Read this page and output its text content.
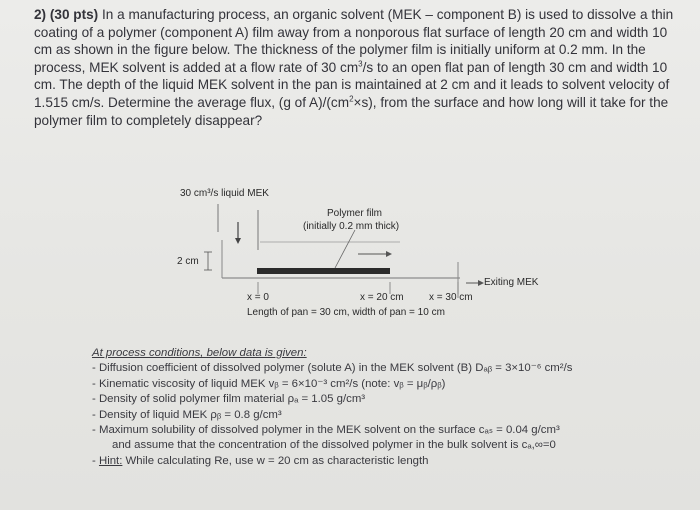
2) (30 pts) In a manufacturing process, an organic solvent (MEK – component B) is used to dissolve a thin coating of a polymer (component A) film away from a nonporous flat surface of length 20 cm and width 10 cm as shown in the figure below. The thickness of the polymer film is initially uniform at 0.2 mm. In the process, MEK solvent is added at a flow rate of 30 $cm^3/s$ to an open flat pan of length 30 cm and width 10 cm. The depth of the liquid MEK solvent in the pan is maintained at 2 cm and it leads to solvent velocity of 1.515 cm/s. Determine the average flux, (g of $A)/(cm^2\times s)$, from the surface and how long will it take for the polymer film to completely disappear?

30 cm³/s liquid MEK
Polymer film
(initially 0.2 mm thick)
2 cm
Exiting MEK
x = 0	x = 20 cm	x = 30 cm
Length of pan = 30 cm, width of pan = 10 cm

At process conditions, below data is given:

- Diffusion coefficient of dissolved polymer (solute A) in the MEK solvent (B) Dₐᵦ = 3×10⁻⁶ cm²/s

- Kinematic viscosity of liquid MEK vᵦ = 6×10⁻³ cm²/s (note: vᵦ = μᵦ/ρᵦ)

- Density of solid polymer film material ρₐ = 1.05 g/cm³

- Density of liquid MEK ρᵦ = 0.8 g/cm³

- Maximum solubility of dissolved polymer in the MEK solvent on the surface cₐₛ = 0.04 g/cm³

and assume that the concentration of the dissolved polymer in the bulk solvent is cₐ,∞=0

- Hint: While calculating Re, use w = 20 cm as characteristic length
